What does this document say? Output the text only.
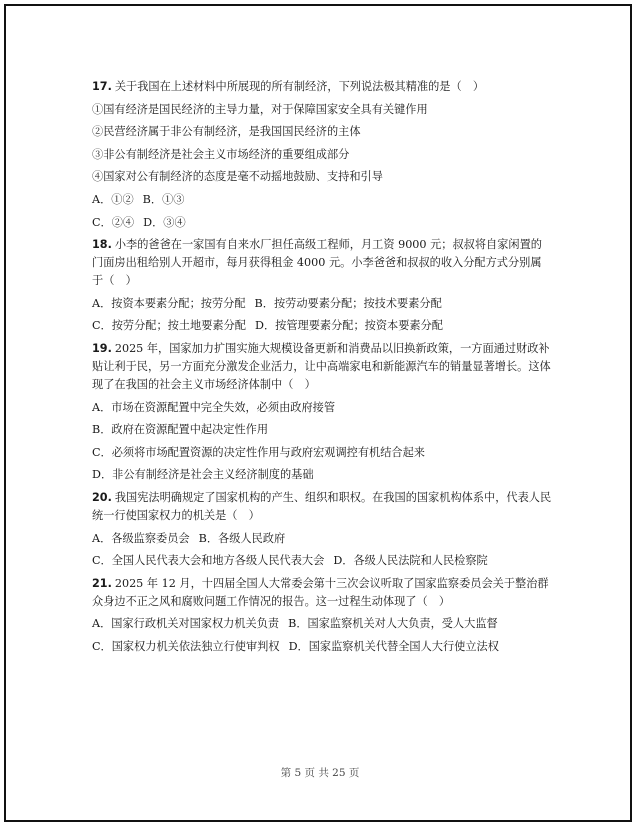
17. 关于我国在上述材料中所展现的所有制经济，下列说法极其精准的是（　）
①国有经济是国民经济的主导力量，对于保障国家安全具有关键作用
②民营经济属于非公有制经济，是我国国民经济的主体
③非公有制经济是社会主义市场经济的重要组成部分
④国家对公有制经济的态度是毫不动摇地鼓励、支持和引导
A．①② B．①③
C．②④ D．③④
18. 小李的爸爸在一家国有自来水厂担任高级工程师，月工资 9000 元；叔叔将自家闲置的门面房出租给别人开超市，每月获得租金 4000 元。小李爸爸和叔叔的收入分配方式分别属于（　）
A．按资本要素分配；按劳分配 B．按劳动要素分配；按技术要素分配
C．按劳分配；按土地要素分配 D．按管理要素分配；按资本要素分配
19. 2025 年，国家加力扩围实施大规模设备更新和消费品以旧换新政策，一方面通过财政补贴让利于民，另一方面充分激发企业活力，让中高端家电和新能源汽车的销量显著增长。这体现了在我国的社会主义市场经济体制中（　）
A．市场在资源配置中完全失效，必须由政府接管
B．政府在资源配置中起决定性作用
C．必须将市场配置资源的决定性作用与政府宏观调控有机结合起来
D．非公有制经济是社会主义经济制度的基础
20. 我国宪法明确规定了国家机构的产生、组织和职权。在我国的国家机构体系中，代表人民统一行使国家权力的机关是（　）
A．各级监察委员会 B．各级人民政府
C．全国人民代表大会和地方各级人民代表大会 D．各级人民法院和人民检察院
21. 2025 年 12 月，十四届全国人大常委会第十三次会议听取了国家监察委员会关于整治群众身边不正之风和腐败问题工作情况的报告。这一过程生动体现了（　）
A．国家行政机关对国家权力机关负责 B．国家监察机关对人大负责，受人大监督
C．国家权力机关依法独立行使审判权 D．国家监察机关代替全国人大行使立法权
第 5 页 共 25 页
